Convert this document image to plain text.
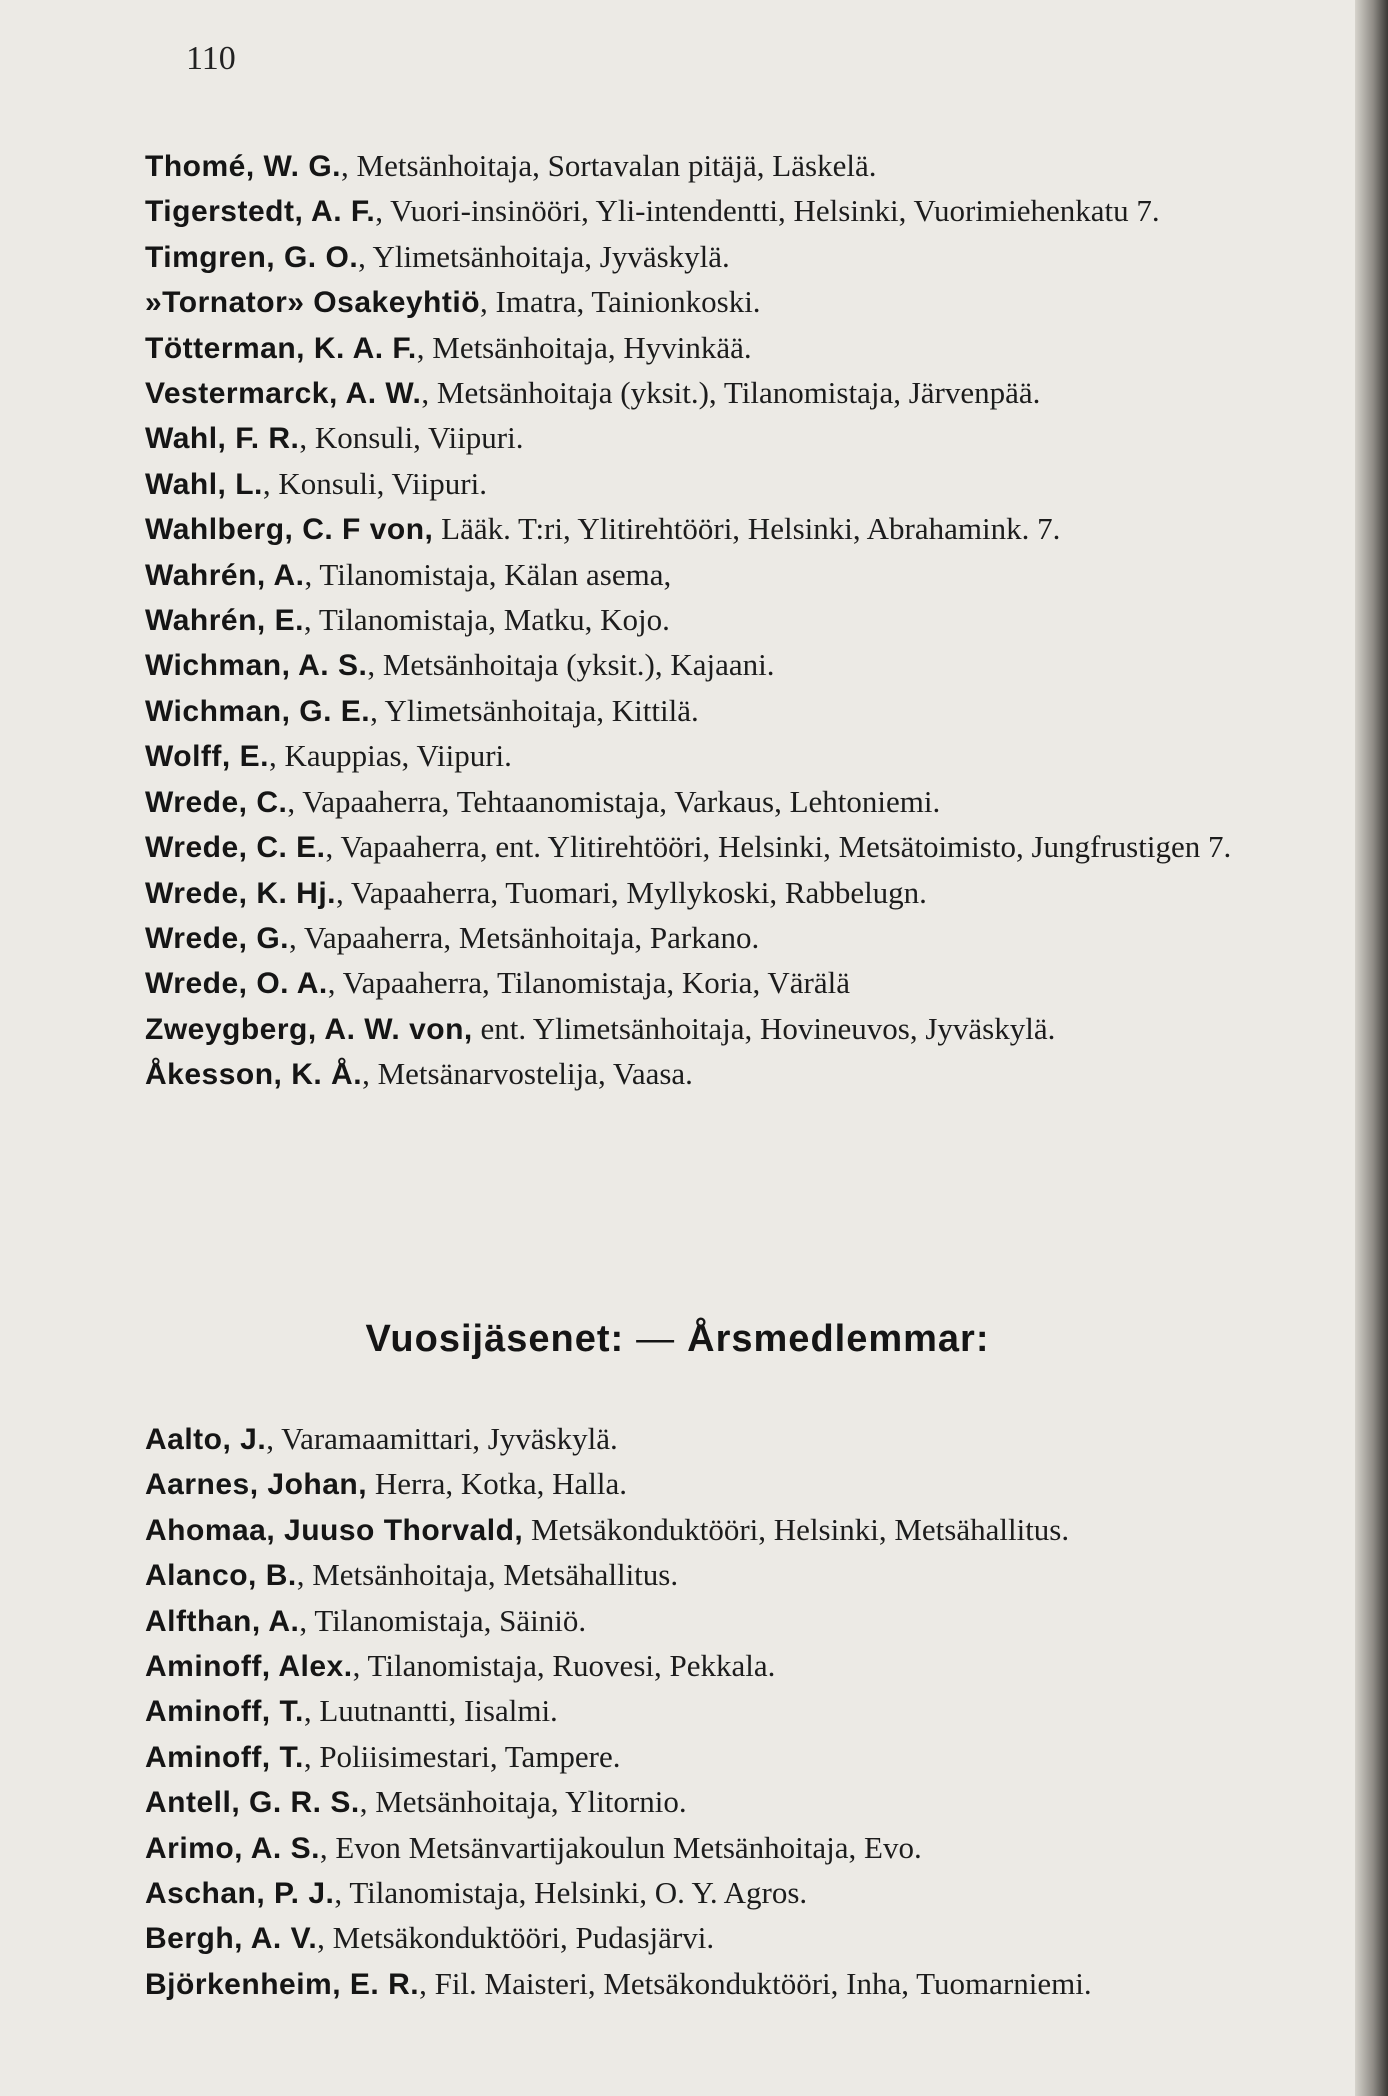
110
Thomé, W. G., Metsänhoitaja, Sortavalan pitäjä, Läskelä.
Tigerstedt, A. F., Vuori-insinööri, Yli-intendentti, Helsinki, Vuorimiehenkatu 7.
Timgren, G. O., Ylimetsänhoitaja, Jyväskylä.
»Tornator» Osakeyhtiö, Imatra, Tainionkoski.
Tötterman, K. A. F., Metsänhoitaja, Hyvinkää.
Vestermarck, A. W., Metsänhoitaja (yksit.), Tilanomistaja, Järvenpää.
Wahl, F. R., Konsuli, Viipuri.
Wahl, L., Konsuli, Viipuri.
Wahlberg, C. F von, Lääk. T:ri, Ylitirehtööri, Helsinki, Abrahamink. 7.
Wahrén, A., Tilanomistaja, Kälan asema,
Wahrén, E., Tilanomistaja, Matku, Kojo.
Wichman, A. S., Metsänhoitaja (yksit.), Kajaani.
Wichman, G. E., Ylimetsänhoitaja, Kittilä.
Wolff, E., Kauppias, Viipuri.
Wrede, C., Vapaaherra, Tehtaanomistaja, Varkaus, Lehtoniemi.
Wrede, C. E., Vapaaherra, ent. Ylitirehtööri, Helsinki, Metsätoimisto, Jungfrustigen 7.
Wrede, K. Hj., Vapaaherra, Tuomari, Myllykoski, Rabbelugn.
Wrede, G., Vapaaherra, Metsänhoitaja, Parkano.
Wrede, O. A., Vapaaherra, Tilanomistaja, Koria, Värälä
Zweygberg, A. W. von, ent. Ylimetsänhoitaja, Hovineuvos, Jyväskylä.
Åkesson, K. Å., Metsänarvostelija, Vaasa.
Vuosijäsenet: — Årsmedlemmar:
Aalto, J., Varamaamittari, Jyväskylä.
Aarnes, Johan, Herra, Kotka, Halla.
Ahomaa, Juuso Thorvald, Metsäkonduktööri, Helsinki, Metsähallitus.
Alanco, B., Metsänhoitaja, Metsähallitus.
Alfthan, A., Tilanomistaja, Säiniö.
Aminoff, Alex., Tilanomistaja, Ruovesi, Pekkala.
Aminoff, T., Luutnantti, Iisalmi.
Aminoff, T., Poliisimestari, Tampere.
Antell, G. R. S., Metsänhoitaja, Ylitornio.
Arimo, A. S., Evon Metsänvartijakoulun Metsänhoitaja, Evo.
Aschan, P. J., Tilanomistaja, Helsinki, O. Y. Agros.
Bergh, A. V., Metsäkonduktööri, Pudasjärvi.
Björkenheim, E. R., Fil. Maisteri, Metsäkonduktööri, Inha, Tuomarniemi.
